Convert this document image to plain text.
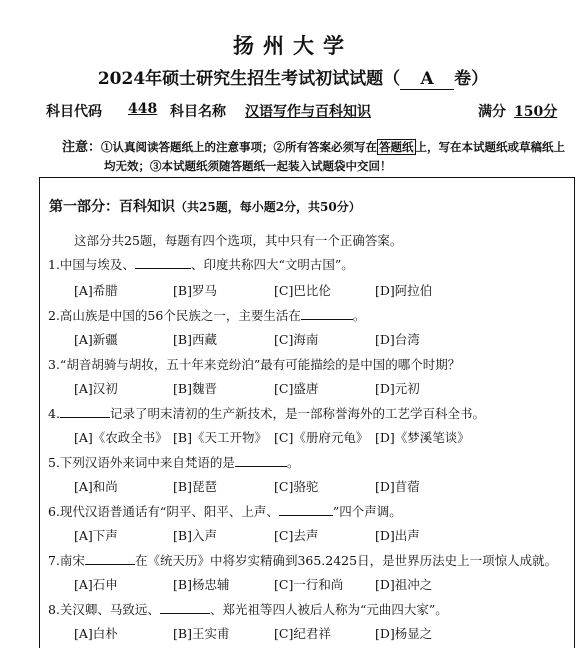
扬州大学
2024年硕士研究生招生考试初试试题（ A 卷）
科目代码 448 科目名称 汉语写作与百科知识	满分 150分
注意：①认真阅读答题纸上的注意事项；②所有答案必须写在 答题纸 上，写在本试题纸或草稿纸上
均无效；③本试题纸须随答题纸一起装入试题袋中交回！
第一部分：百科知识（共25题，每小题2分，共50分）
这部分共25题，每题有四个选项，其中只有一个正确答案。
1.中国与埃及、	、印度共称四大“文明古国”。
[A]希腊	[B]罗马	[C]巴比伦	[D]阿拉伯
2.高山族是中国的56个民族之一，主要生活在	。
[A]新疆	[B]西藏	[C]海南	[D]台湾
3.“胡音胡骑与胡妆，五十年来竞纷泊”最有可能描绘的是中国的哪个时期？
[A]汉初	[B]魏晋	[C]盛唐	[D]元初
4.	记录了明末清初的生产新技术，是一部称誉海外的工艺学百科全书。
[A]《农政全书》 [B]《天工开物》 [C]《册府元龟》 [D]《梦溪笔谈》
5.下列汉语外来词中来自梵语的是	。
[A]和尚	[B]琵琶	[C]骆驼	[D]苜蓿
6.现代汉语普通话有“阴平、阳平、上声、	”四个声调。
[A]下声	[B]入声	[C]去声	[D]出声
7.南宋	在《统天历》中将岁实精确到365.2425日，是世界历法史上一项惊人成就。
[A]石申	[B]杨忠辅	[C]一行和尚	[D]祖冲之
8.关汉卿、马致远、	、郑光祖等四人被后人称为“元曲四大家”。
[A]白朴	[B]王实甫	[C]纪君祥	[D]杨显之
